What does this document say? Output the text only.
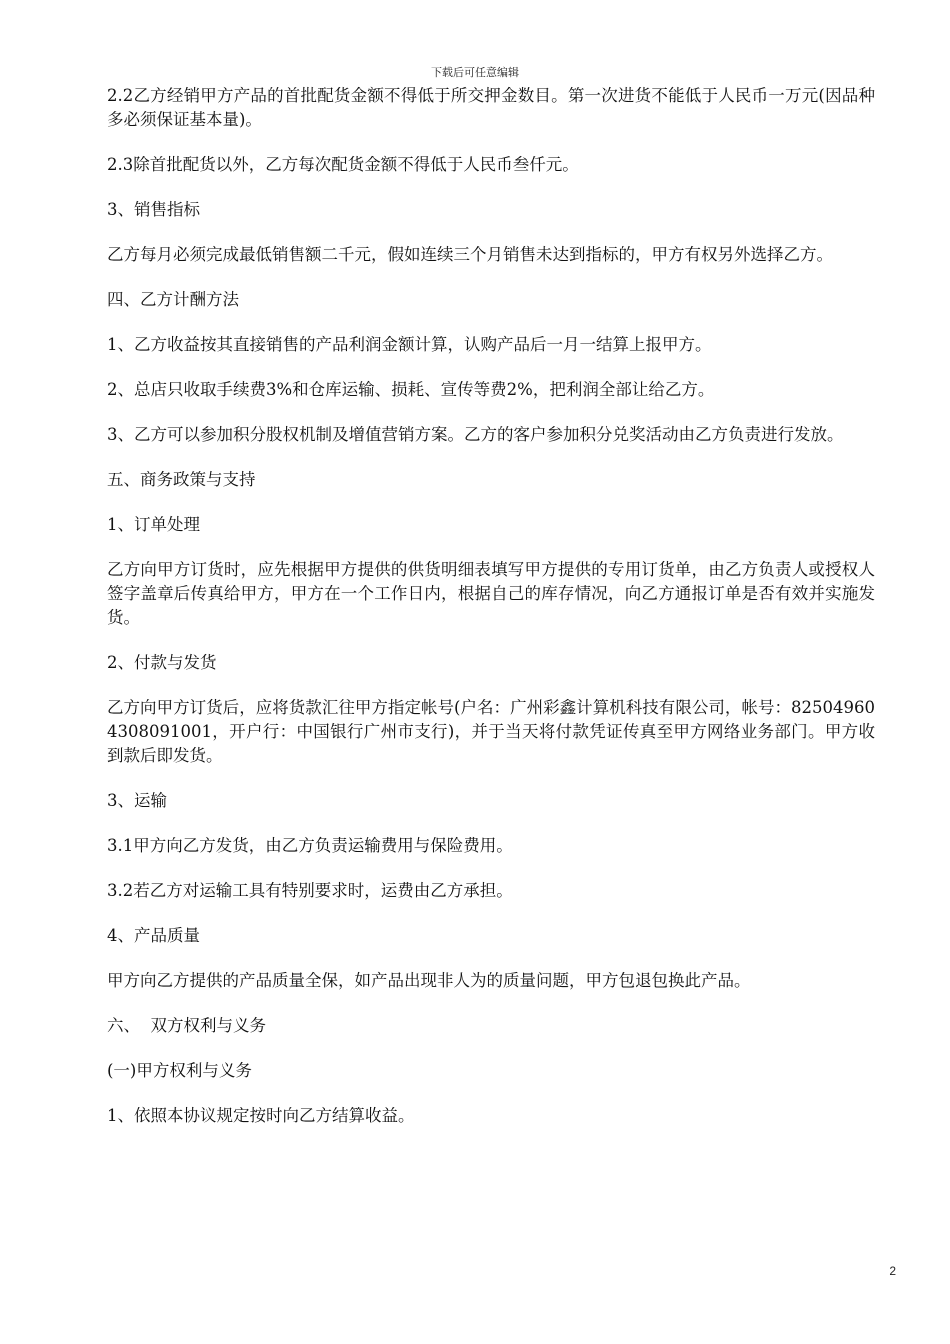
下载后可任意编辑

2.2乙方经销甲方产品的首批配货金额不得低于所交押金数目。第一次进货不能低于人民币一万元(因品种多必须保证基本量)。

2.3除首批配货以外，乙方每次配货金额不得低于人民币叁仟元。

3、销售指标

乙方每月必须完成最低销售额二千元，假如连续三个月销售未达到指标的，甲方有权另外选择乙方。

四、乙方计酬方法

1、乙方收益按其直接销售的产品利润金额计算，认购产品后一月一结算上报甲方。

2、总店只收取手续费3%和仓库运输、损耗、宣传等费2%，把利润全部让给乙方。

3、乙方可以参加积分股权机制及增值营销方案。乙方的客户参加积分兑奖活动由乙方负责进行发放。

五、商务政策与支持

1、订单处理

乙方向甲方订货时，应先根据甲方提供的供货明细表填写甲方提供的专用订货单，由乙方负责人或授权人签字盖章后传真给甲方，甲方在一个工作日内，根据自己的库存情况，向乙方通报订单是否有效并实施发货。

2、付款与发货

乙方向甲方订货后，应将货款汇往甲方指定帐号(户名：广州彩鑫计算机科技有限公司，帐号：825049604308091001，开户行：中国银行广州市支行)，并于当天将付款凭证传真至甲方网络业务部门。甲方收到款后即发货。

3、运输

3.1甲方向乙方发货，由乙方负责运输费用与保险费用。

3.2若乙方对运输工具有特别要求时，运费由乙方承担。

4、产品质量

甲方向乙方提供的产品质量全保，如产品出现非人为的质量问题，甲方包退包换此产品。

六、  双方权利与义务

(一)甲方权利与义务

1、依照本协议规定按时向乙方结算收益。

2
